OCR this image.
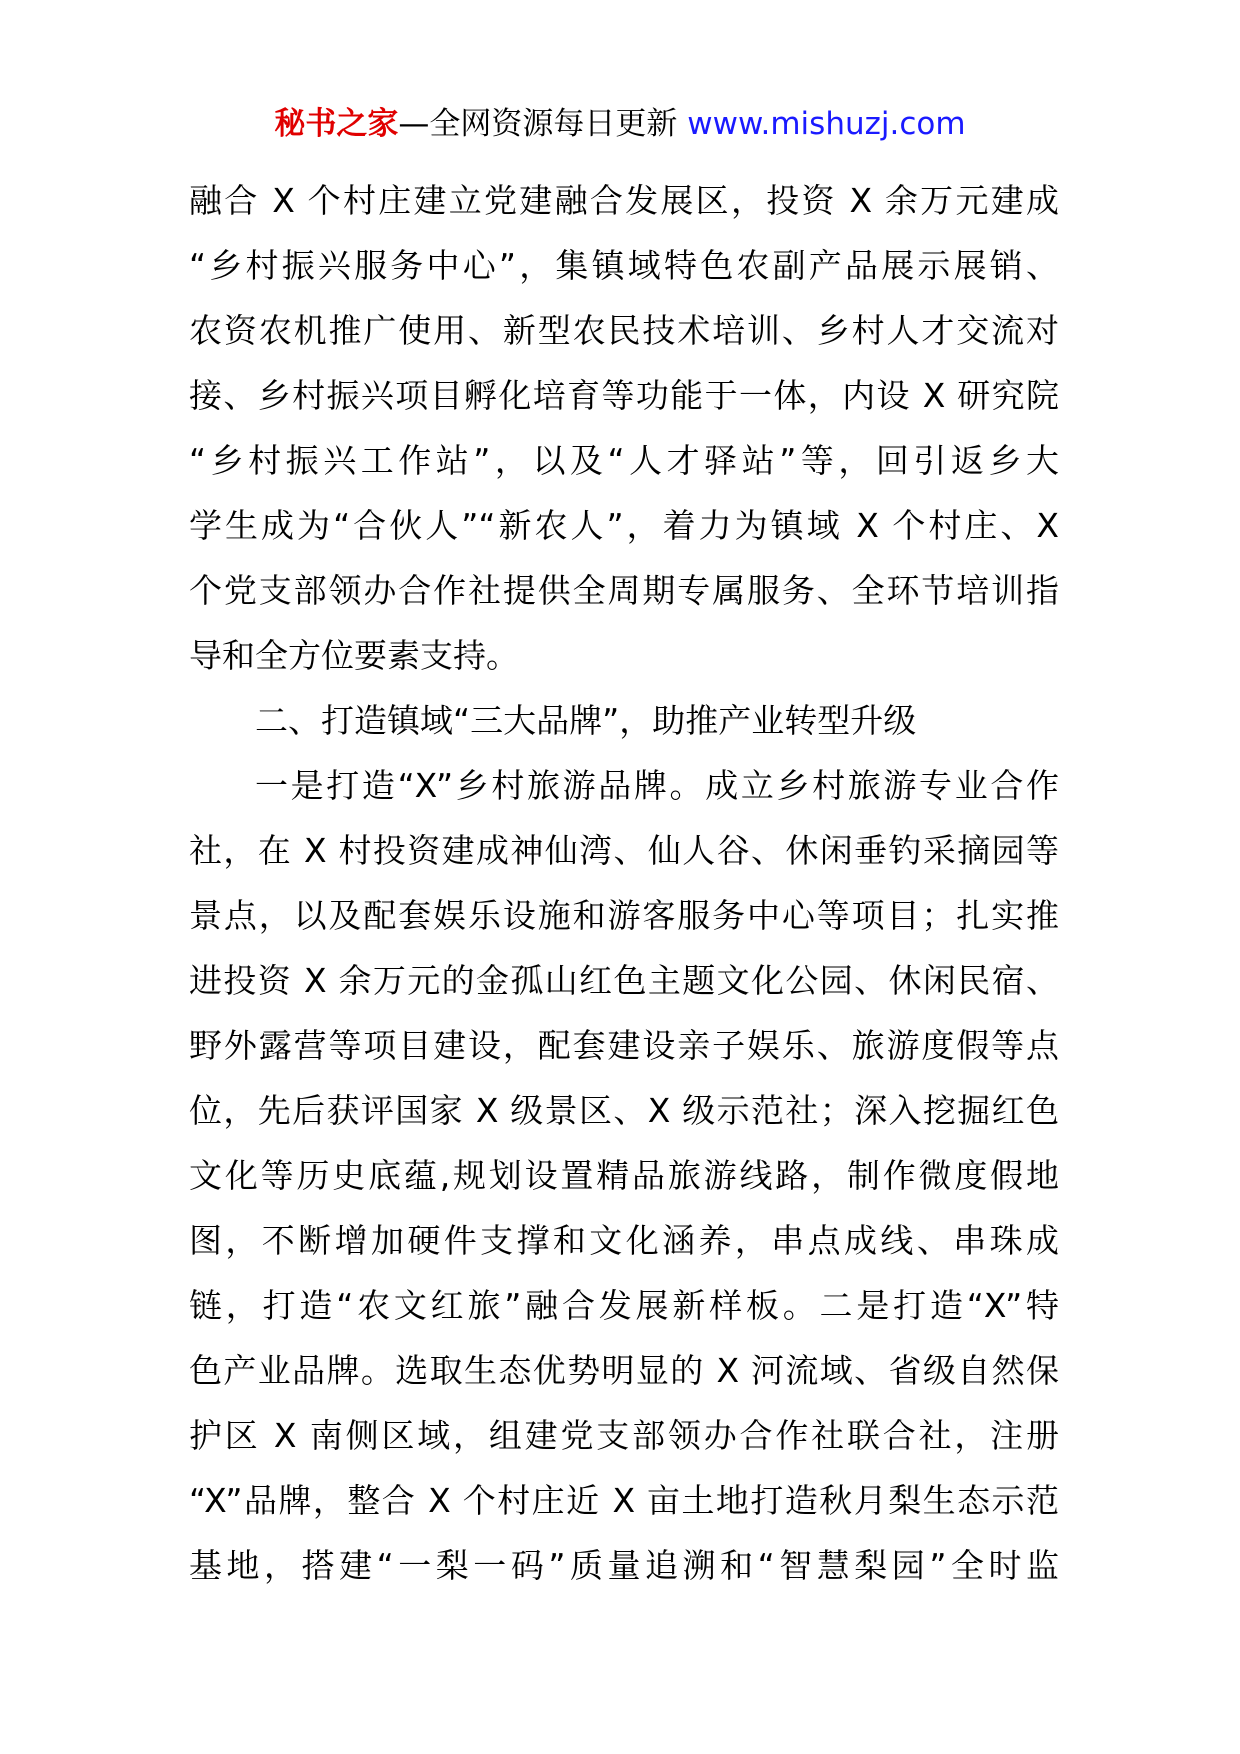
秘书之家—全网资源每日更新 www.mishuzj.com
融合 X 个村庄建立党建融合发展区，投资 X 余万元建成
“乡村振兴服务中心”，集镇域特色农副产品展示展销、
农资农机推广使用、新型农民技术培训、乡村人才交流对
接、乡村振兴项目孵化培育等功能于一体，内设 X 研究院
“乡村振兴工作站”，以及“人才驿站”等，回引返乡大
学生成为“合伙人”“新农人”，着力为镇域 X 个村庄、X
个党支部领办合作社提供全周期专属服务、全环节培训指
导和全方位要素支持。
二、打造镇域“三大品牌”，助推产业转型升级
一是打造“X”乡村旅游品牌。成立乡村旅游专业合作
社，在 X 村投资建成神仙湾、仙人谷、休闲垂钓采摘园等
景点，以及配套娱乐设施和游客服务中心等项目；扎实推
进投资 X 余万元的金孤山红色主题文化公园、休闲民宿、
野外露营等项目建设，配套建设亲子娱乐、旅游度假等点
位，先后获评国家 X 级景区、X 级示范社；深入挖掘红色
文化等历史底蕴,规划设置精品旅游线路，制作微度假地
图，不断增加硬件支撑和文化涵养，串点成线、串珠成
链，打造“农文红旅”融合发展新样板。二是打造“X”特
色产业品牌。选取生态优势明显的 X 河流域、省级自然保
护区 X 南侧区域，组建党支部领办合作社联合社，注册
“X”品牌，整合 X 个村庄近 X 亩土地打造秋月梨生态示范
基地，搭建“一梨一码”质量追溯和“智慧梨园”全时监
